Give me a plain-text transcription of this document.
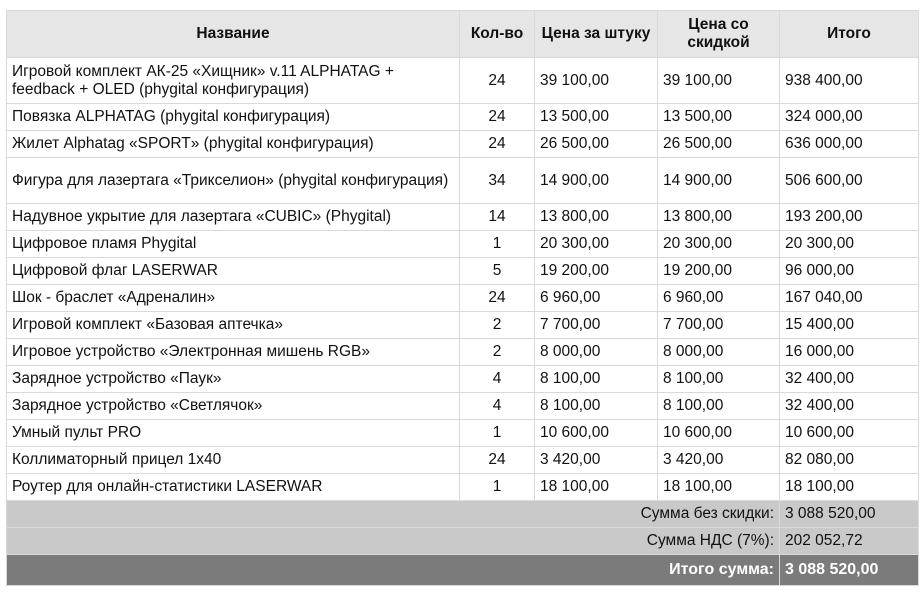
Название	Кол-во	Цена за штуку	Цена со скидкой	Итого
Игровой комплект АК-25 «Хищник» v.11 ALPHATAG + feedback + OLED (phygital конфигурация)	24	39 100,00	39 100,00	938 400,00
Повязка ALPHATAG (phygital конфигурация)	24	13 500,00	13 500,00	324 000,00
Жилет Alphatag «SPORT» (phygital конфигурация)	24	26 500,00	26 500,00	636 000,00
Фигура для лазертага «Трикселион» (phygital конфигурация)	34	14 900,00	14 900,00	506 600,00
Надувное укрытие для лазертага «CUBIC» (Phygital)	14	13 800,00	13 800,00	193 200,00
Цифровое пламя Phygital	1	20 300,00	20 300,00	20 300,00
Цифровой флаг LASERWAR	5	19 200,00	19 200,00	96 000,00
Шок - браслет «Адреналин»	24	6 960,00	6 960,00	167 040,00
Игровой комплект «Базовая аптечка»	2	7 700,00	7 700,00	15 400,00
Игровое устройство «Электронная мишень RGB»	2	8 000,00	8 000,00	16 000,00
Зарядное устройство «Паук»	4	8 100,00	8 100,00	32 400,00
Зарядное устройство «Светлячок»	4	8 100,00	8 100,00	32 400,00
Умный пульт PRO	1	10 600,00	10 600,00	10 600,00
Коллиматорный прицел 1x40	24	3 420,00	3 420,00	82 080,00
Роутер для онлайн-статистики LASERWAR	1	18 100,00	18 100,00	18 100,00
Сумма без скидки:				3 088 520,00
Сумма НДС (7%):				202 052,72
Итого сумма:				3 088 520,00
